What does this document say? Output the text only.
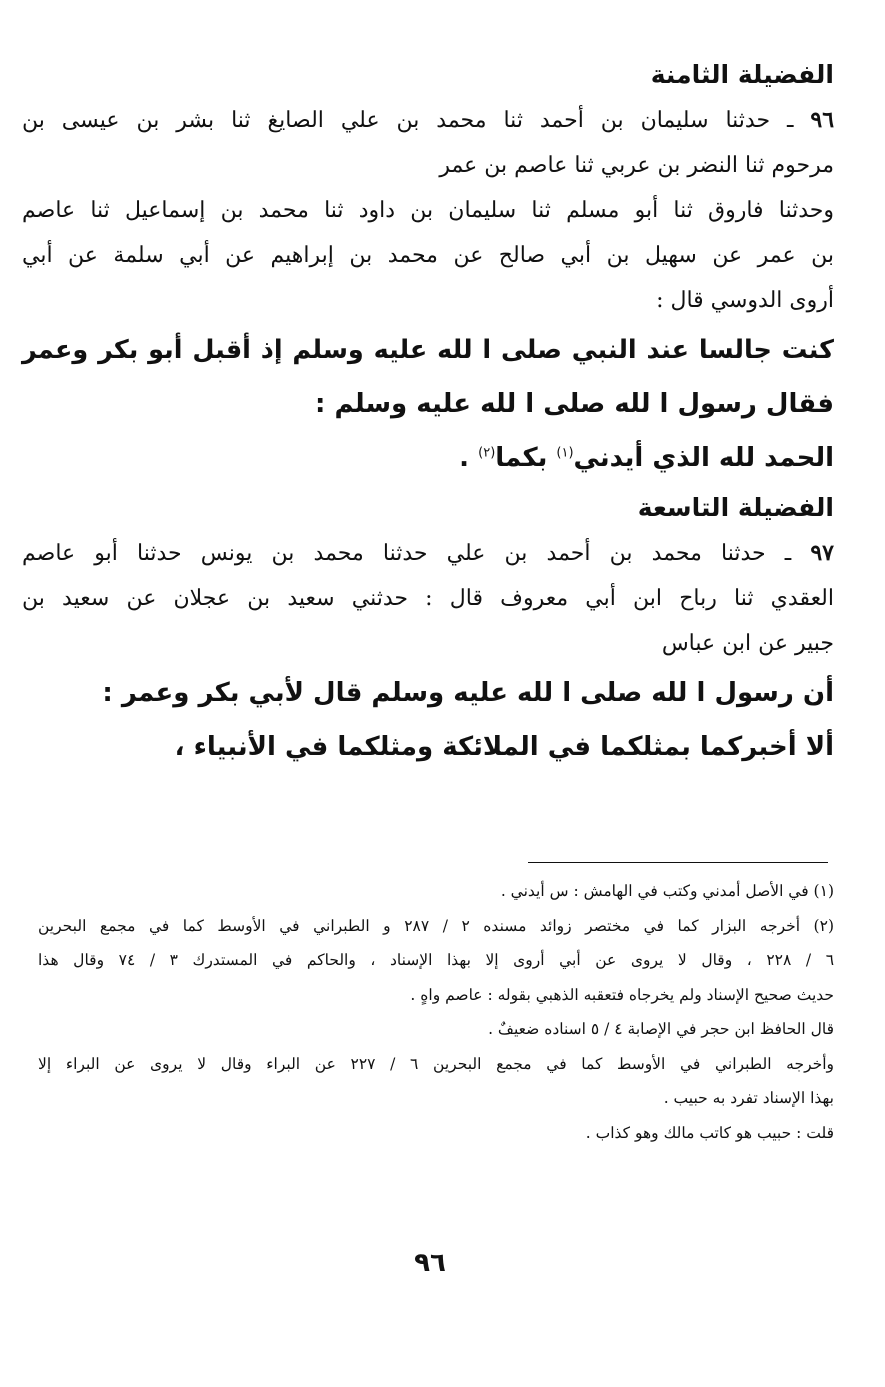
الفضيلة الثامنة

٩٦ ـ حدثنا سليمان بن أحمد ثنا محمد بن علي الصايغ ثنا بشر بن عيسى بن

مرحوم ثنا النضر بن عربي ثنا عاصم بن عمر

وحدثنا فاروق ثنا أبو مسلم ثنا سليمان بن داود ثنا محمد بن إسماعيل ثنا عاصم

بن عمر عن سهيل بن أبي صالح عن محمد بن إبراهيم عن أبي سلمة عن أبي

أروى الدوسي قال :

كنت جالسا عند النبي صلى ا لله عليه وسلم إذ أقبل أبو بكر وعمر

فقال رسول ا لله صلى ا لله عليه وسلم :

الحمد لله الذي أيدني$^{(١)}$ بكما$^{(٢)}$ .

الفضيلة التاسعة

٩٧ ـ حدثنا محمد بن أحمد بن علي حدثنا محمد بن يونس حدثنا أبو عاصم

العقدي ثنا رباح ابن أبي معروف قال : حدثني سعيد بن عجلان عن سعيد بن

جبير عن ابن عباس

أن رسول ا لله صلى ا لله عليه وسلم قال لأبي بكر وعمر :

ألا أخبركما بمثلكما في الملائكة ومثلكما في الأنبياء ،

(١) في الأصل أمدني وكتب في الهامش : س أيدني .

(٢) أخرجه البزار كما في مختصر زوائد مسنده ٢ / ٢٨٧ و الطبراني في الأوسط كما في مجمع البحرين

٦ / ٢٢٨ ، وقال لا يروى عن أبي أروى إلا بهذا الإسناد ، والحاكم في المستدرك ٣ / ٧٤ وقال هذا

حديث صحيح الإسناد ولم يخرجاه فتعقبه الذهبي بقوله : عاصم واهٍ .

قال الحافظ ابن حجر في الإصابة ٤ / ٥ اسناده ضعيفٌ .

وأخرجه الطبراني في الأوسط كما في مجمع البحرين ٦ / ٢٢٧ عن البراء وقال لا يروى عن البراء إلا

بهذا الإسناد تفرد به حبيب .

قلت : حبيب هو كاتب مالك وهو كذاب .

٩٦
